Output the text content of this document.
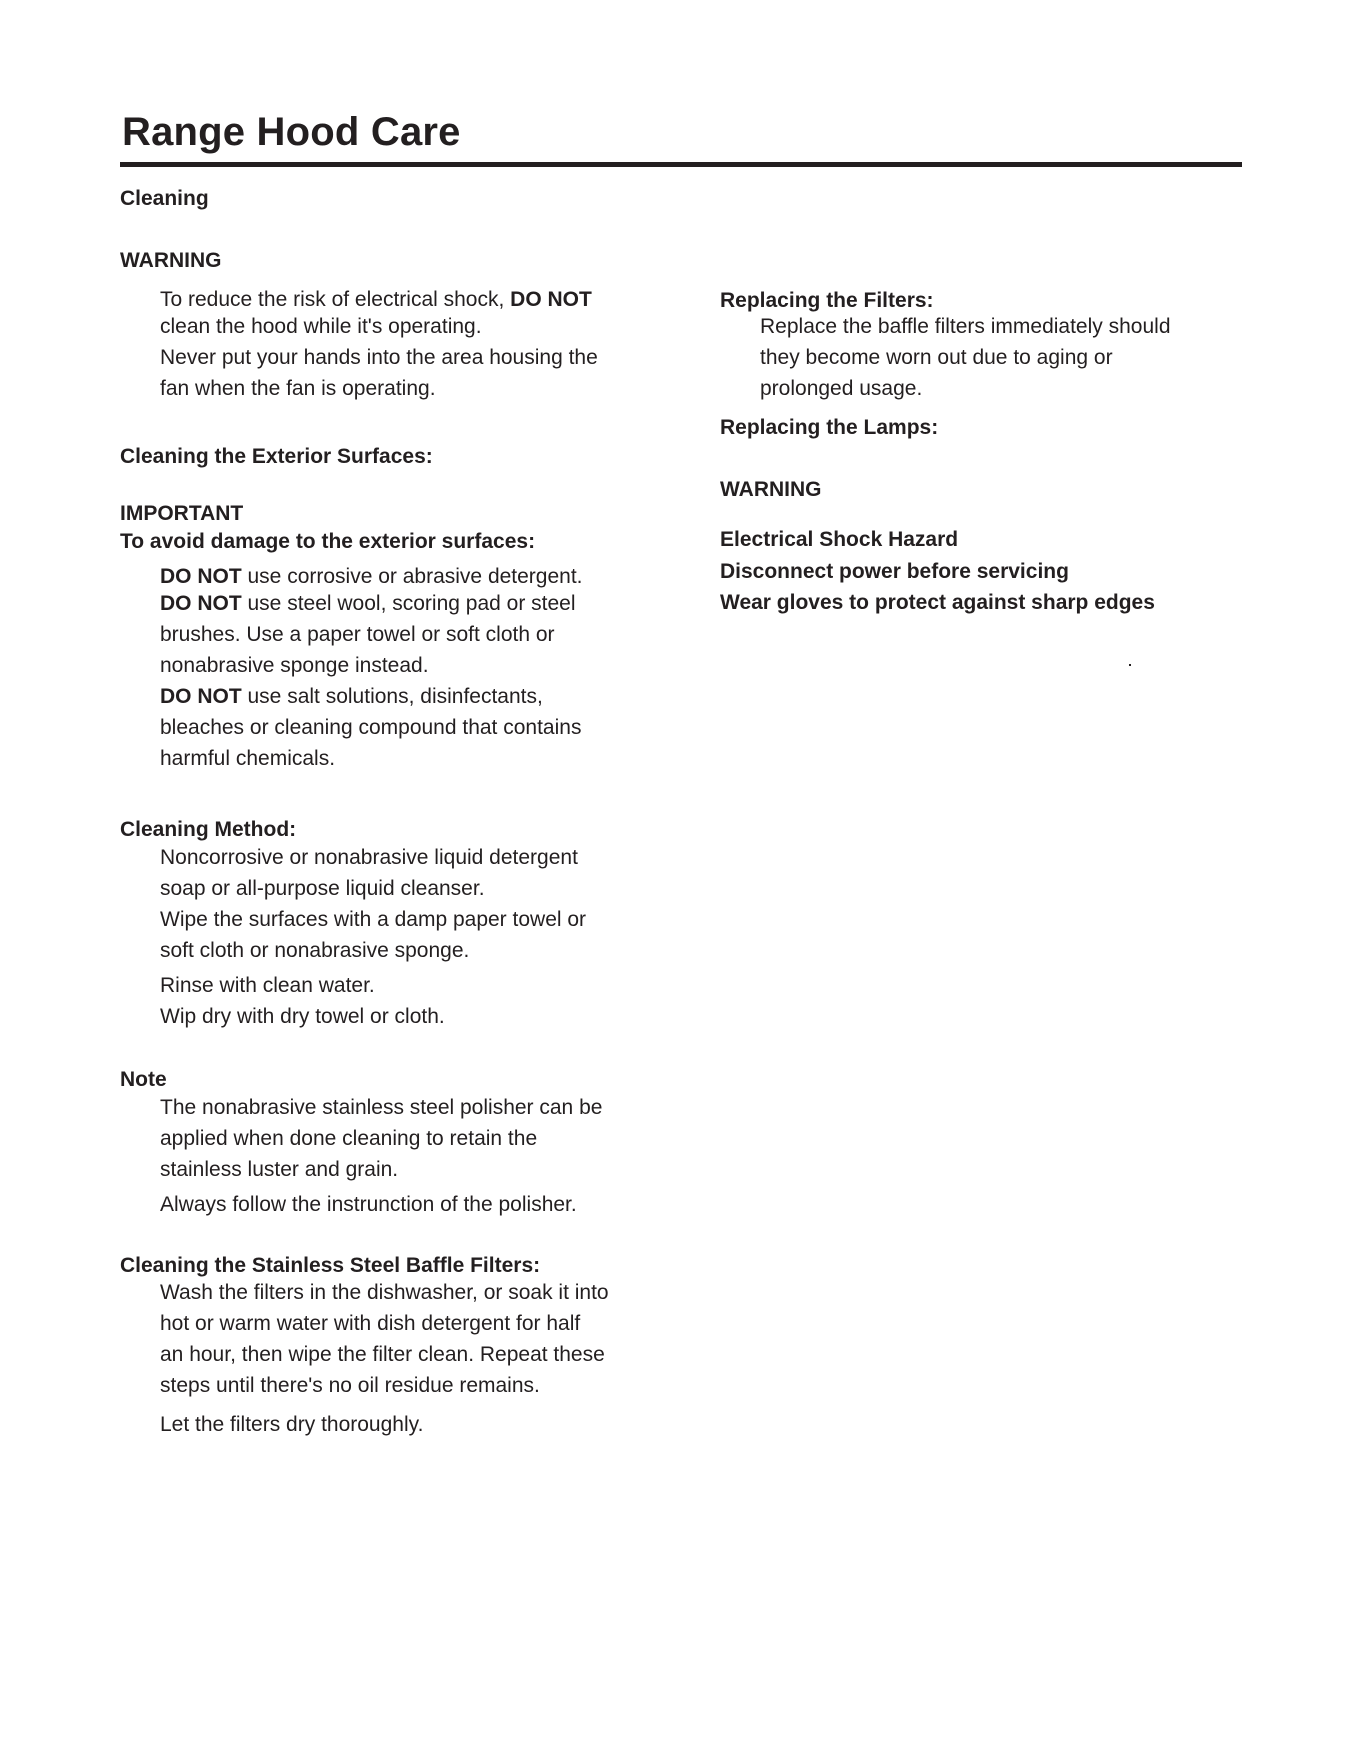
Range Hood Care
Cleaning
WARNING
To reduce the risk of electrical shock, DO NOT
clean the hood while it's operating.
Never put your hands into the area housing the
fan when the fan is operating.
Cleaning the Exterior Surfaces:
IMPORTANT
To avoid damage to the exterior surfaces:
DO NOT use corrosive or abrasive detergent.
DO NOT use steel wool, scoring pad or steel
brushes. Use a paper towel or soft cloth or
nonabrasive sponge instead.
DO NOT use salt solutions, disinfectants,
bleaches or cleaning compound that contains
harmful chemicals.
Cleaning Method:
Noncorrosive or nonabrasive liquid detergent
soap or all-purpose liquid cleanser.
Wipe the surfaces with a damp paper towel or
soft cloth or nonabrasive sponge.
Rinse with clean water.
Wip dry with dry towel or cloth.
Note
The nonabrasive stainless steel polisher can be
applied when done cleaning to retain the
stainless luster and grain.
Always follow the instrunction of the polisher.
Cleaning the Stainless Steel Baffle Filters:
Wash the filters in the dishwasher, or soak it into
hot or warm water with dish detergent for half
an hour, then wipe the filter clean. Repeat these
steps until there's no oil residue remains.
Let the filters dry thoroughly.
Replacing the Filters:
Replace the baffle filters immediately should
they become worn out due to aging or
prolonged usage.
Replacing the Lamps:
WARNING
Electrical Shock Hazard
Disconnect power before servicing
Wear gloves to protect against sharp edges
